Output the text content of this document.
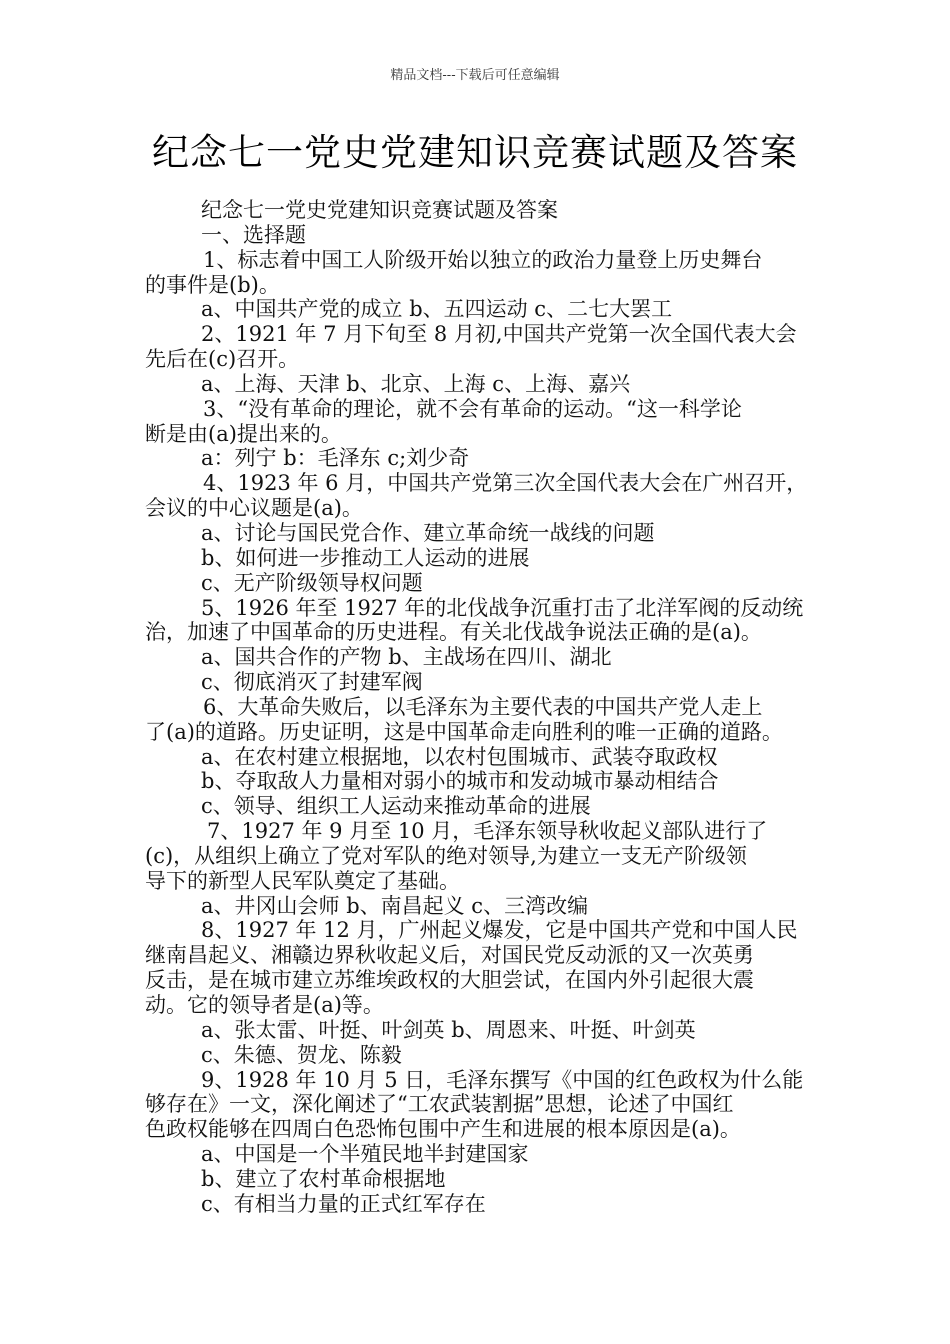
精品文档---下载后可任意编辑
纪念七一党史党建知识竞赛试题及答案
纪念七一党史党建知识竞赛试题及答案
一、选择题
1、标志着中国工人阶级开始以独立的政治力量登上历史舞台
的事件是(b)。
a、中国共产党的成立 b、五四运动 c、二七大罢工
2、1921 年 7 月下旬至 8 月初,中国共产党第一次全国代表大会
先后在(c)召开。
a、上海、天津 b、北京、上海 c、上海、嘉兴
3、“没有革命的理论，就不会有革命的运动。“这一科学论
断是由(a)提出来的。
a：列宁 b：毛泽东 c;刘少奇
4、1923 年 6 月，中国共产党第三次全国代表大会在广州召开，
会议的中心议题是(a)。
a、讨论与国民党合作、建立革命统一战线的问题
b、如何进一步推动工人运动的进展
c、无产阶级领导权问题
5、1926 年至 1927 年的北伐战争沉重打击了北洋军阀的反动统
治，加速了中国革命的历史进程。有关北伐战争说法正确的是(a)。
a、国共合作的产物 b、主战场在四川、湖北
c、彻底消灭了封建军阀
6、大革命失败后，以毛泽东为主要代表的中国共产党人走上
了(a)的道路。历史证明，这是中国革命走向胜利的唯一正确的道路。
a、在农村建立根据地，以农村包围城市、武装夺取政权
b、夺取敌人力量相对弱小的城市和发动城市暴动相结合
c、领导、组织工人运动来推动革命的进展
7、1927 年 9 月至 10 月，毛泽东领导秋收起义部队进行了
(c)，从组织上确立了党对军队的绝对领导,为建立一支无产阶级领
导下的新型人民军队奠定了基础。
a、井冈山会师 b、南昌起义 c、三湾改编
8、1927 年 12 月，广州起义爆发，它是中国共产党和中国人民
继南昌起义、湘赣边界秋收起义后，对国民党反动派的又一次英勇
反击，是在城市建立苏维埃政权的大胆尝试，在国内外引起很大震
动。它的领导者是(a)等。
a、张太雷、叶挺、叶剑英 b、周恩来、叶挺、叶剑英
c、朱德、贺龙、陈毅
9、1928 年 10 月 5 日，毛泽东撰写《中国的红色政权为什么能
够存在》一文，深化阐述了“工农武装割据”思想，论述了中国红
色政权能够在四周白色恐怖包围中产生和进展的根本原因是(a)。
a、中国是一个半殖民地半封建国家
b、建立了农村革命根据地
c、有相当力量的正式红军存在
